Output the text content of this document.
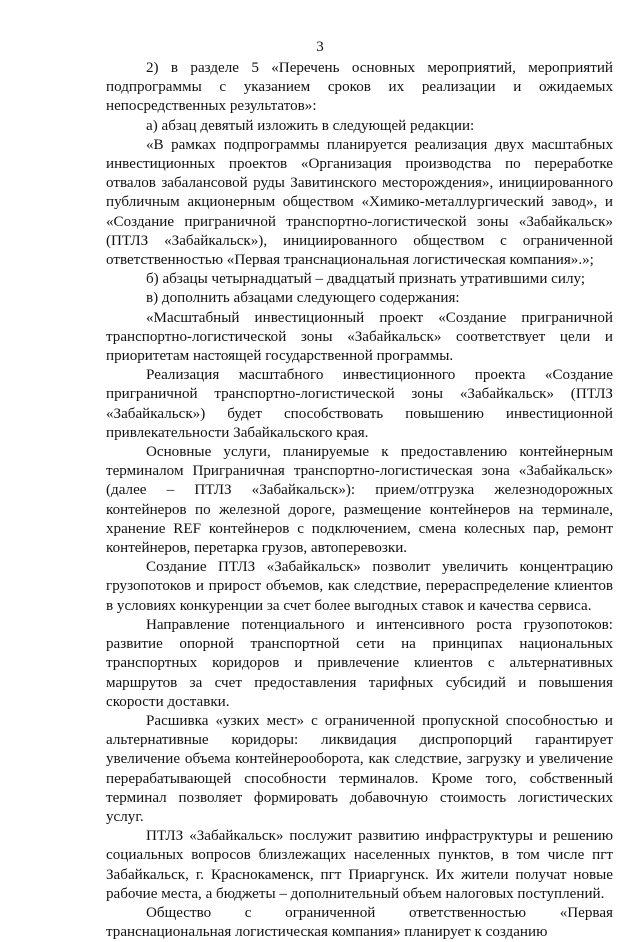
3

2) в разделе 5 «Перечень основных мероприятий, мероприятий подпрограммы с указанием сроков их реализации и ожидаемых непосредственных результатов»:

а) абзац девятый изложить в следующей редакции:

«В рамках подпрограммы планируется реализация двух масштабных инвестиционных проектов «Организация производства по переработке отвалов забалансовой руды Завитинского месторождения», инициированного публичным акционерным обществом «Химико-металлургический завод», и «Создание приграничной транспортно-логистической зоны «Забайкальск» (ПТЛЗ «Забайкальск»), инициированного обществом с ограниченной ответственностью «Первая транснациональная логистическая компания».»;

б) абзацы четырнадцатый – двадцатый признать утратившими силу;

в) дополнить абзацами следующего содержания:

«Масштабный инвестиционный проект «Создание приграничной транспортно-логистической зоны «Забайкальск» соответствует цели и приоритетам настоящей государственной программы.

Реализация масштабного инвестиционного проекта «Создание приграничной транспортно-логистической зоны «Забайкальск» (ПТЛЗ «Забайкальск») будет способствовать повышению инвестиционной привлекательности Забайкальского края.

Основные услуги, планируемые к предоставлению контейнерным терминалом Приграничная транспортно-логистическая зона «Забайкальск» (далее – ПТЛЗ «Забайкальск»): прием/отгрузка железнодорожных контейнеров по железной дороге, размещение контейнеров на терминале, хранение REF контейнеров с подключением, смена колесных пар, ремонт контейнеров, перетарка грузов, автоперевозки.

Создание ПТЛЗ «Забайкальск» позволит увеличить концентрацию грузопотоков и прирост объемов, как следствие, перераспределение клиентов в условиях конкуренции за счет более выгодных ставок и качества сервиса.

Направление потенциального и интенсивного роста грузопотоков: развитие опорной транспортной сети на принципах национальных транспортных коридоров и привлечение клиентов с альтернативных маршрутов за счет предоставления тарифных субсидий и повышения скорости доставки.

Расшивка «узких мест» с ограниченной пропускной способностью и альтернативные коридоры: ликвидация диспропорций гарантирует увеличение объема контейнерооборота, как следствие, загрузку и увеличение перерабатывающей способности терминалов. Кроме того, собственный терминал позволяет формировать добавочную стоимость логистических услуг.

ПТЛЗ «Забайкальск» послужит развитию инфраструктуры и решению социальных вопросов близлежащих населенных пунктов, в том числе пгт Забайкальск, г. Краснокаменск, пгт Приаргунск. Их жители получат новые рабочие места, а бюджеты – дополнительный объем налоговых поступлений.

Общество с ограниченной ответственностью «Первая транснациональная логистическая компания» планирует к созданию
